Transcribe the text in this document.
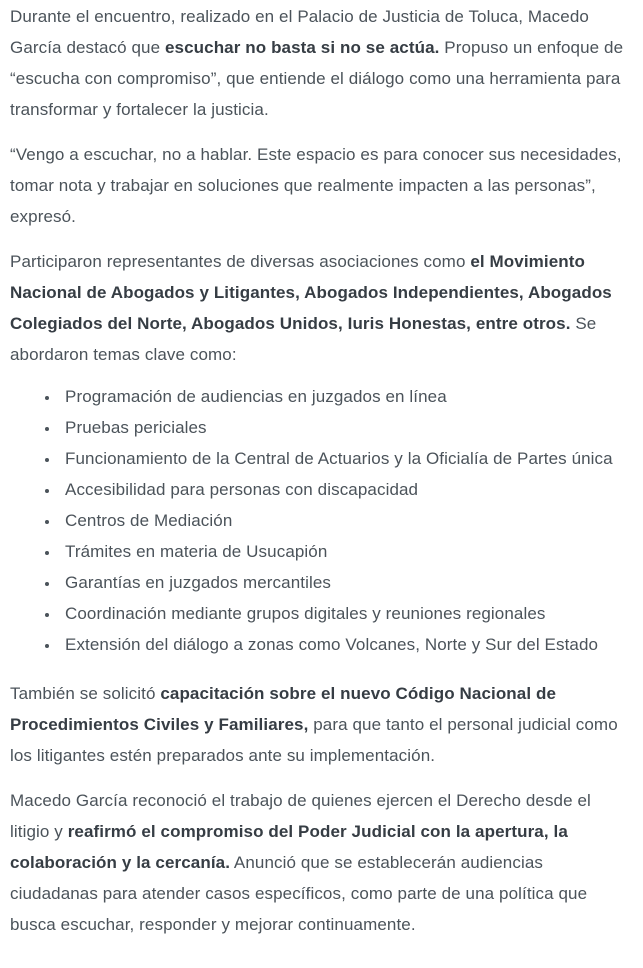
Durante el encuentro, realizado en el Palacio de Justicia de Toluca, Macedo García destacó que escuchar no basta si no se actúa. Propuso un enfoque de “escucha con compromiso”, que entiende el diálogo como una herramienta para transformar y fortalecer la justicia.

“Vengo a escuchar, no a hablar. Este espacio es para conocer sus necesidades, tomar nota y trabajar en soluciones que realmente impacten a las personas”, expresó.

Participaron representantes de diversas asociaciones como el Movimiento Nacional de Abogados y Litigantes, Abogados Independientes, Abogados Colegiados del Norte, Abogados Unidos, Iuris Honestas, entre otros. Se abordaron temas clave como:

• Programación de audiencias en juzgados en línea
• Pruebas periciales
• Funcionamiento de la Central de Actuarios y la Oficialía de Partes única
• Accesibilidad para personas con discapacidad
• Centros de Mediación
• Trámites en materia de Usucapión
• Garantías en juzgados mercantiles
• Coordinación mediante grupos digitales y reuniones regionales
• Extensión del diálogo a zonas como Volcanes, Norte y Sur del Estado

También se solicitó capacitación sobre el nuevo Código Nacional de Procedimientos Civiles y Familiares, para que tanto el personal judicial como los litigantes estén preparados ante su implementación.

Macedo García reconoció el trabajo de quienes ejercen el Derecho desde el litigio y reafirmó el compromiso del Poder Judicial con la apertura, la colaboración y la cercanía. Anunció que se establecerán audiencias ciudadanas para atender casos específicos, como parte de una política que busca escuchar, responder y mejorar continuamente.
